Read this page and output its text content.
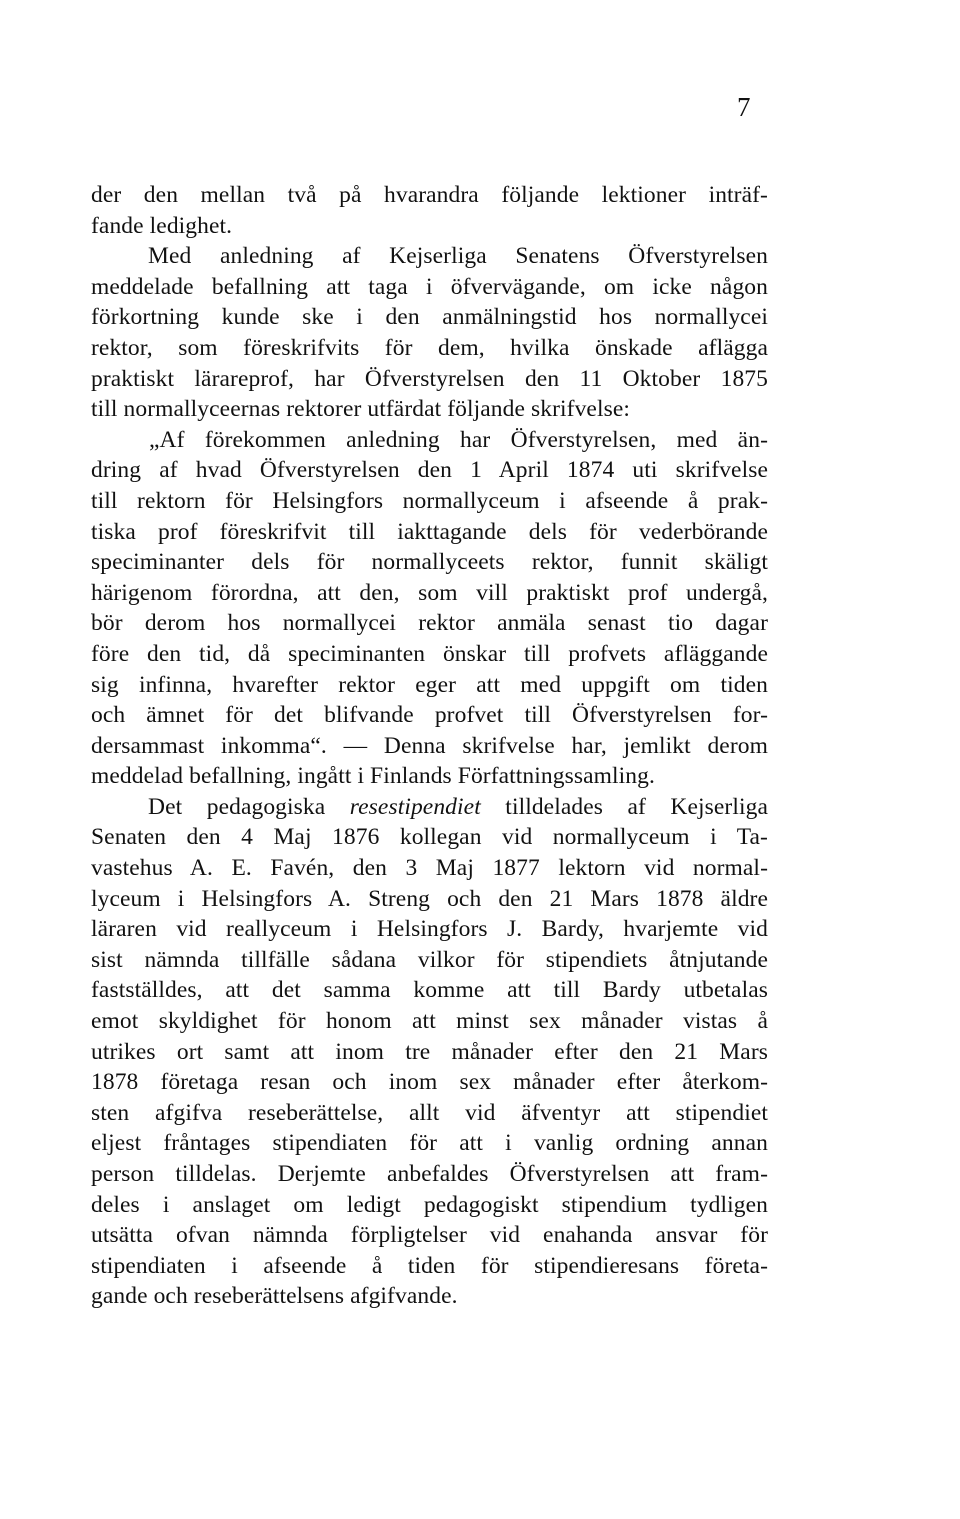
7
der den mellan två på hvarandra följande lektioner inträf-
fande ledighet.
Med anledning af Kejserliga Senatens Öfverstyrelsen
meddelade befallning att taga i öfvervägande, om icke någon
förkortning kunde ske i den anmälningstid hos normallycei
rektor, som föreskrifvits för dem, hvilka önskade aflägga
praktiskt lärareprof, har Öfverstyrelsen den 11 Oktober 1875
till normallyceernas rektorer utfärdat följande skrifvelse:
„Af förekommen anledning har Öfverstyrelsen, med än-
dring af hvad Öfverstyrelsen den 1 April 1874 uti skrifvelse
till rektorn för Helsingfors normallyceum i afseende å prak-
tiska prof föreskrifvit till iakttagande dels för vederbörande
speciminanter dels för normallyceets rektor, funnit skäligt
härigenom förordna, att den, som vill praktiskt prof undergå,
bör derom hos normallycei rektor anmäla senast tio dagar
före den tid, då speciminanten önskar till profvets afläggande
sig infinna, hvarefter rektor eger att med uppgift om tiden
och ämnet för det blifvande profvet till Öfverstyrelsen for-
dersammast inkomma“. — Denna skrifvelse har, jemlikt derom
meddelad befallning, ingått i Finlands Författningssamling.
Det pedagogiska resestipendiet tilldelades af Kejserliga
Senaten den 4 Maj 1876 kollegan vid normallyceum i Ta-
vastehus A. E. Favén, den 3 Maj 1877 lektorn vid normal-
lyceum i Helsingfors A. Streng och den 21 Mars 1878 äldre
läraren vid reallyceum i Helsingfors J. Bardy, hvarjemte vid
sist nämnda tillfälle sådana vilkor för stipendiets åtnjutande
fastställdes, att det samma komme att till Bardy utbetalas
emot skyldighet för honom att minst sex månader vistas å
utrikes ort samt att inom tre månader efter den 21 Mars
1878 företaga resan och inom sex månader efter återkom-
sten afgifva reseberättelse, allt vid äfventyr att stipendiet
eljest fråntages stipendiaten för att i vanlig ordning annan
person tilldelas. Derjemte anbefaldes Öfverstyrelsen att fram-
deles i anslaget om ledigt pedagogiskt stipendium tydligen
utsätta ofvan nämnda förpligtelser vid enahanda ansvar för
stipendiaten i afseende å tiden för stipendieresans företa-
gande och reseberättelsens afgifvande.
